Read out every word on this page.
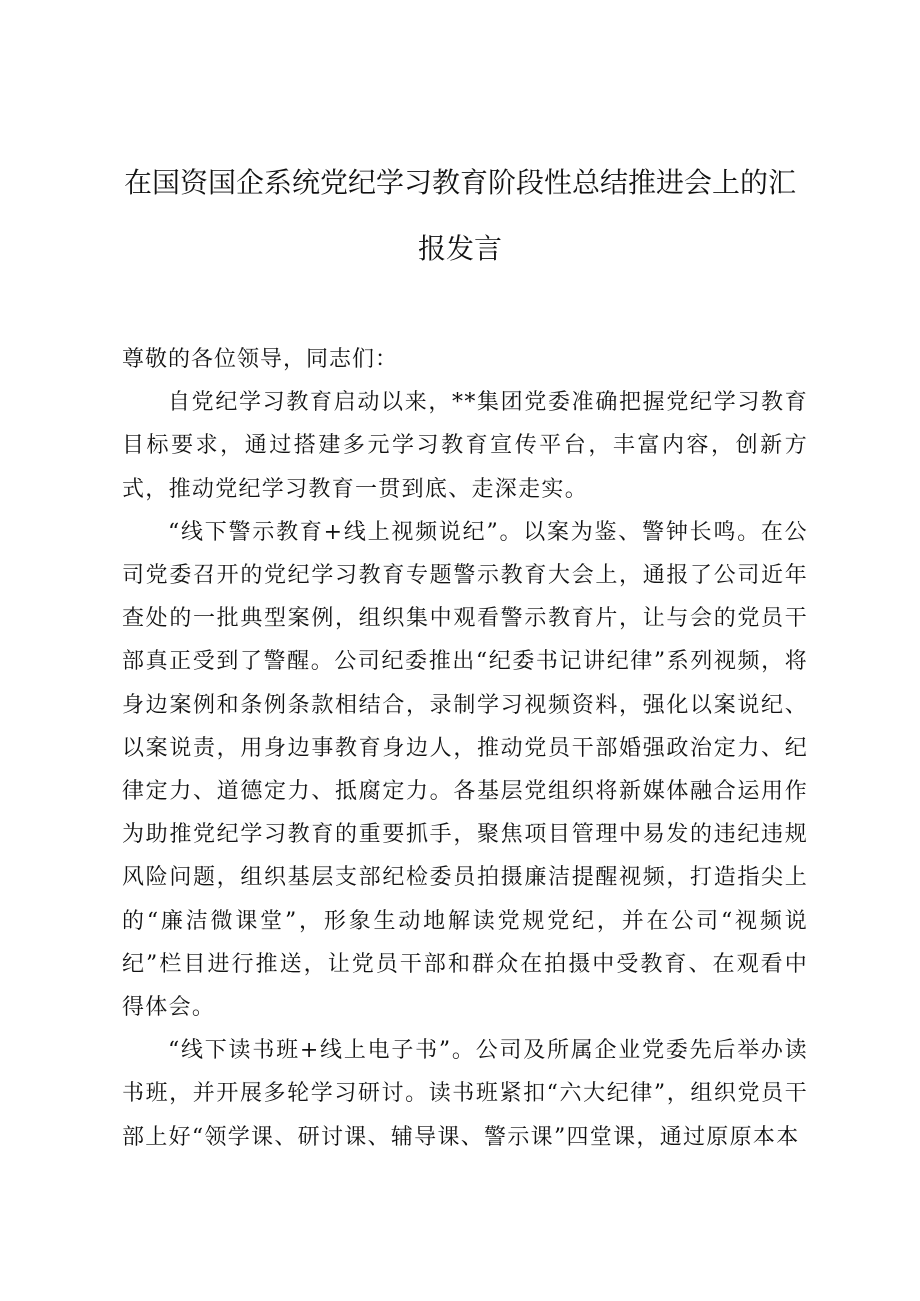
在国资国企系统党纪学习教育阶段性总结推进会上的汇
报发言

尊敬的各位领导，同志们：

自党纪学习教育启动以来，**集团党委准确把握党纪学习教育目标要求，通过搭建多元学习教育宣传平台，丰富内容，创新方式，推动党纪学习教育一贯到底、走深走实。

“线下警示教育+线上视频说纪”。以案为鉴、警钟长鸣。在公司党委召开的党纪学习教育专题警示教育大会上，通报了公司近年查处的一批典型案例，组织集中观看警示教育片，让与会的党员干部真正受到了警醒。公司纪委推出“纪委书记讲纪律”系列视频，将身边案例和条例条款相结合，录制学习视频资料，强化以案说纪、以案说责，用身边事教育身边人，推动党员干部婚强政治定力、纪律定力、道德定力、抵腐定力。各基层党组织将新媒体融合运用作为助推党纪学习教育的重要抓手，聚焦项目管理中易发的违纪违规风险问题，组织基层支部纪检委员拍摄廉洁提醒视频，打造指尖上的“廉洁微课堂”，形象生动地解读党规党纪，并在公司“视频说纪”栏目进行推送，让党员干部和群众在拍摄中受教育、在观看中得体会。

“线下读书班+线上电子书”。公司及所属企业党委先后举办读书班，并开展多轮学习研讨。读书班紧扣“六大纪律”，组织党员干部上好“领学课、研讨课、辅导课、警示课”四堂课，通过原原本本
